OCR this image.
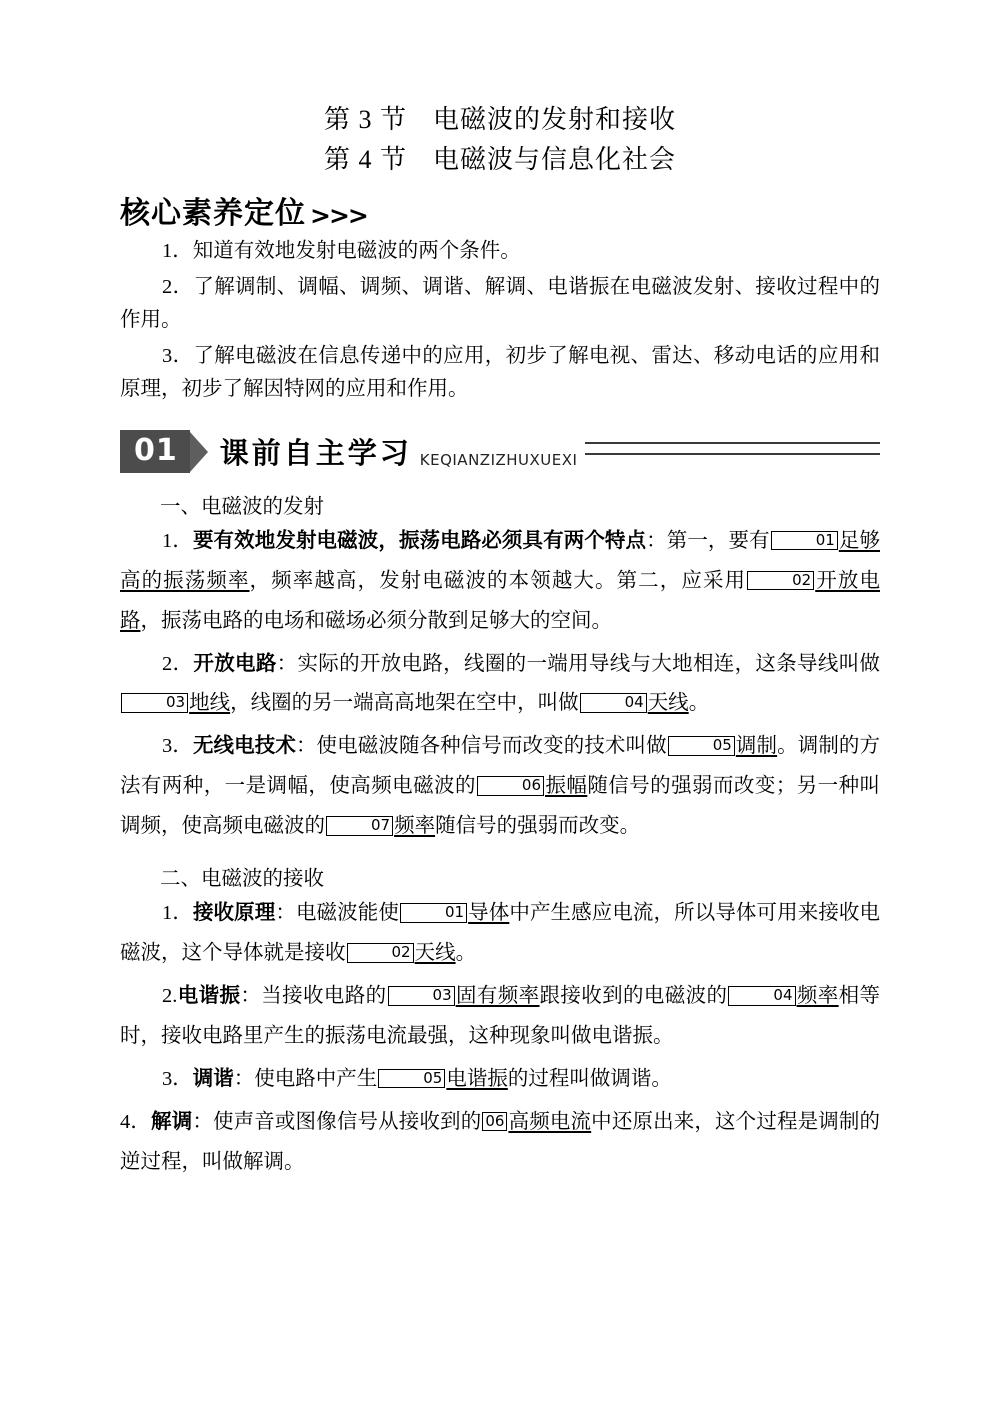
第 3 节 电磁波的发射和接收
第 4 节 电磁波与信息化社会
核心素养定位 >>>

1．知道有效地发射电磁波的两个条件。

2．了解调制、调幅、调频、调谐、解调、电谐振在电磁波发射、接收过程中的作用。

3．了解电磁波在信息传递中的应用，初步了解电视、雷达、移动电话的应用和原理，初步了解因特网的应用和作用。

01	课前自主学习 KEQIANZIZHUXUEXI

一、电磁波的发射

1．要有效地发射电磁波，振荡电路必须具有两个特点：第一，要有	01 足够高的振荡频率，频率越高，发射电磁波的本领越大。第二，应采用	02 开放电路，振荡电路的电场和磁场必须分散到足够大的空间。

2．开放电路：实际的开放电路，线圈的一端用导线与大地相连，这条导线叫做03 地线，线圈的另一端高高地架在空中，叫做	04 天线。

3．无线电技术：使电磁波随各种信号而改变的技术叫做	05 调制。调制的方法有两种，一是调幅，使高频电磁波的	06 振幅随信号的强弱而改变；另一种叫调频，使高频电磁波的	07 频率随信号的强弱而改变。

二、电磁波的接收

1．接收原理：电磁波能使	01 导体中产生感应电流，所以导体可用来接收电磁波，这个导体就是接收	02 天线。

2.电谐振：当接收电路的	03 固有频率跟接收到的电磁波的	04 频率相等时，接收电路里产生的振荡电流最强，这种现象叫做电谐振。

3．调谐：使电路中产生	05 电谐振的过程叫做调谐。

4．解调：使声音或图像信号从接收到的 06 高频电流中还原出来，这个过程是调制的逆过程，叫做解调。
